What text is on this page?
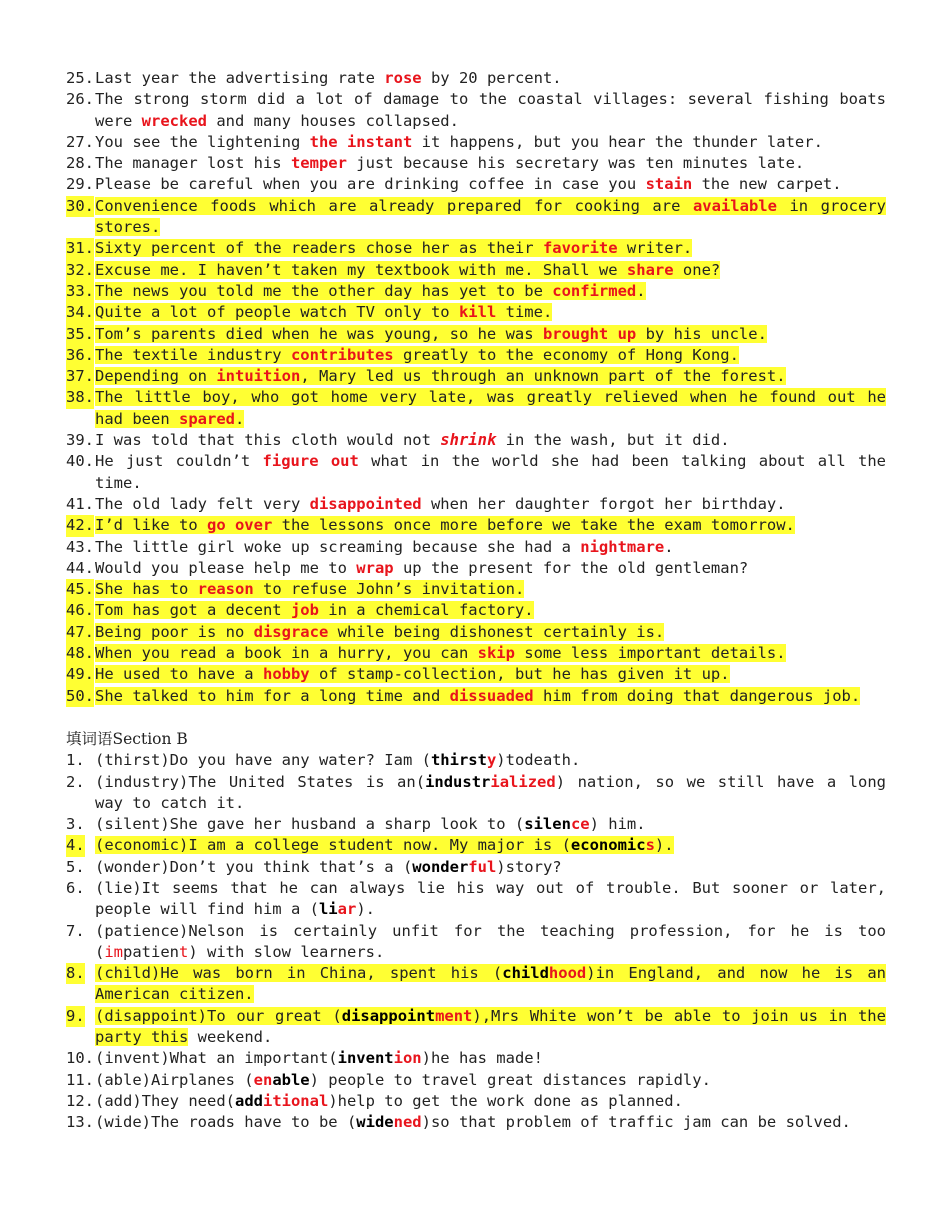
25. Last year the advertising rate rose by 20 percent.
26. The strong storm did a lot of damage to the coastal villages: several fishing boats were wrecked and many houses collapsed.
27. You see the lightening the instant it happens, but you hear the thunder later.
28. The manager lost his temper just because his secretary was ten minutes late.
29. Please be careful when you are drinking coffee in case you stain the new carpet.
30. Convenience foods which are already prepared for cooking are available in grocery stores.
31. Sixty percent of the readers chose her as their favorite writer.
32. Excuse me. I haven’t taken my textbook with me. Shall we share one?
33. The news you told me the other day has yet to be confirmed.
34. Quite a lot of people watch TV only to kill time.
35. Tom’s parents died when he was young, so he was brought up by his uncle.
36. The textile industry contributes greatly to the economy of Hong Kong.
37. Depending on intuition, Mary led us through an unknown part of the forest.
38. The little boy, who got home very late, was greatly relieved when he found out he had been spared.
39. I was told that this cloth would not shrink in the wash, but it did.
40. He just couldn’t figure out what in the world she had been talking about all the time.
41. The old lady felt very disappointed when her daughter forgot her birthday.
42. I’d like to go over the lessons once more before we take the exam tomorrow.
43. The little girl woke up screaming because she had a nightmare.
44. Would you please help me to wrap up the present for the old gentleman?
45. She has to reason to refuse John’s invitation.
46. Tom has got a decent job in a chemical factory.
47. Being poor is no disgrace while being dishonest certainly is.
48. When you read a book in a hurry, you can skip some less important details.
49. He used to have a hobby of stamp-collection, but he has given it up.
50. She talked to him for a long time and dissuaded him from doing that dangerous job.
填词语Section B
1. (thirst)Do you have any water? Iam (thirsty)todeath.
2. (industry)The United States is an(industrialized) nation, so we still have a long way to catch it.
3. (silent)She gave her husband a sharp look to (silence) him.
4. (economic)I am a college student now. My major is (economics).
5. (wonder)Don’t you think that’s a (wonderful)story?
6. (lie)It seems that he can always lie his way out of trouble. But sooner or later, people will find him a (liar).
7. (patience)Nelson is certainly unfit for the teaching profession, for he is too (impatient) with slow learners.
8. (child)He was born in China, spent his (childhood)in England, and now he is an American citizen.
9. (disappoint)To our great (disappointment),Mrs White won’t be able to join us in the party this weekend.
10. (invent)What an important(invention)he has made!
11. (able)Airplanes (enable) people to travel great distances rapidly.
12. (add)They need(additional)help to get the work done as planned.
13. (wide)The roads have to be (widened)so that problem of traffic jam can be solved.
